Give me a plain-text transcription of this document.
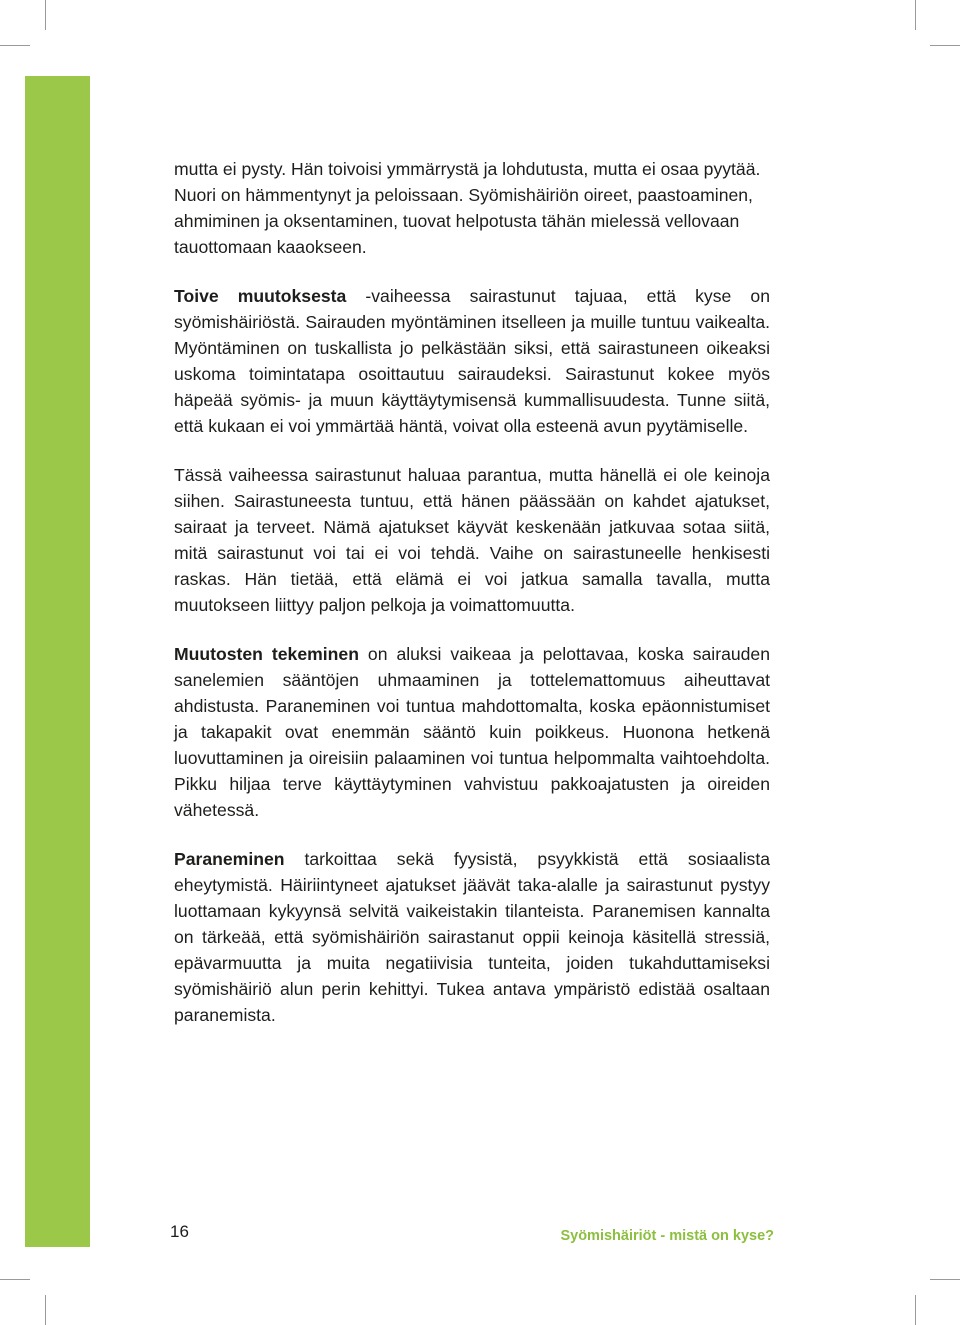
mutta ei pysty. Hän toivoisi ymmärrystä ja lohdutusta, mutta ei osaa pyytää. Nuori on hämmentynyt ja peloissaan. Syömishäiriön oireet, paastoaminen, ahmiminen ja oksentaminen, tuovat helpotusta tähän mielessä vellovaan tauottomaan kaaokseen.

Toive muutoksesta -vaiheessa sairastunut tajuaa, että kyse on syömishäiriöstä. Sairauden myöntäminen itselleen ja muille tuntuu vaikealta. Myöntäminen on tuskallista jo pelkästään siksi, että sairastuneen oikeaksi uskoma toimintatapa osoittautuu sairaudeksi. Sairastunut kokee myös häpeää syömis- ja muun käyttäytymisensä kummallisuudesta. Tunne siitä, että kukaan ei voi ymmärtää häntä, voivat olla esteenä avun pyytämiselle.

Tässä vaiheessa sairastunut haluaa parantua, mutta hänellä ei ole keinoja siihen. Sairastuneesta tuntuu, että hänen päässään on kahdet ajatukset, sairaat ja terveet. Nämä ajatukset käyvät keskenään jatkuvaa sotaa siitä, mitä sairastunut voi tai ei voi tehdä. Vaihe on sairastuneelle henkisesti raskas. Hän tietää, että elämä ei voi jatkua samalla tavalla, mutta muutokseen liittyy paljon pelkoja ja voimattomuutta.

Muutosten tekeminen on aluksi vaikeaa ja pelottavaa, koska sairauden sanelemien sääntöjen uhmaaminen ja tottelemattomuus aiheuttavat ahdistusta. Paraneminen voi tuntua mahdottomalta, koska epäonnistumiset ja takapakit ovat enemmän sääntö kuin poikkeus. Huonona hetkenä luovuttaminen ja oireisiin palaaminen voi tuntua helpommalta vaihtoehdolta. Pikku hiljaa terve käyttäytyminen vahvistuu pakkoajatusten ja oireiden vähetessä.

Paraneminen tarkoittaa sekä fyysistä, psyykkistä että sosiaalista eheytymistä. Häiriintyneet ajatukset jäävät taka-alalle ja sairastunut pystyy luottamaan kykyynsä selvitä vaikeistakin tilanteista. Paranemisen kannalta on tärkeää, että syömishäiriön sairastanut oppii keinoja käsitellä stressiä, epävarmuutta ja muita negatiivisia tunteita, joiden tukahduttamiseksi syömishäiriö alun perin kehittyi. Tukea antava ympäristö edistää osaltaan paranemista.

16	Syömishäiriöt - mistä on kyse?
